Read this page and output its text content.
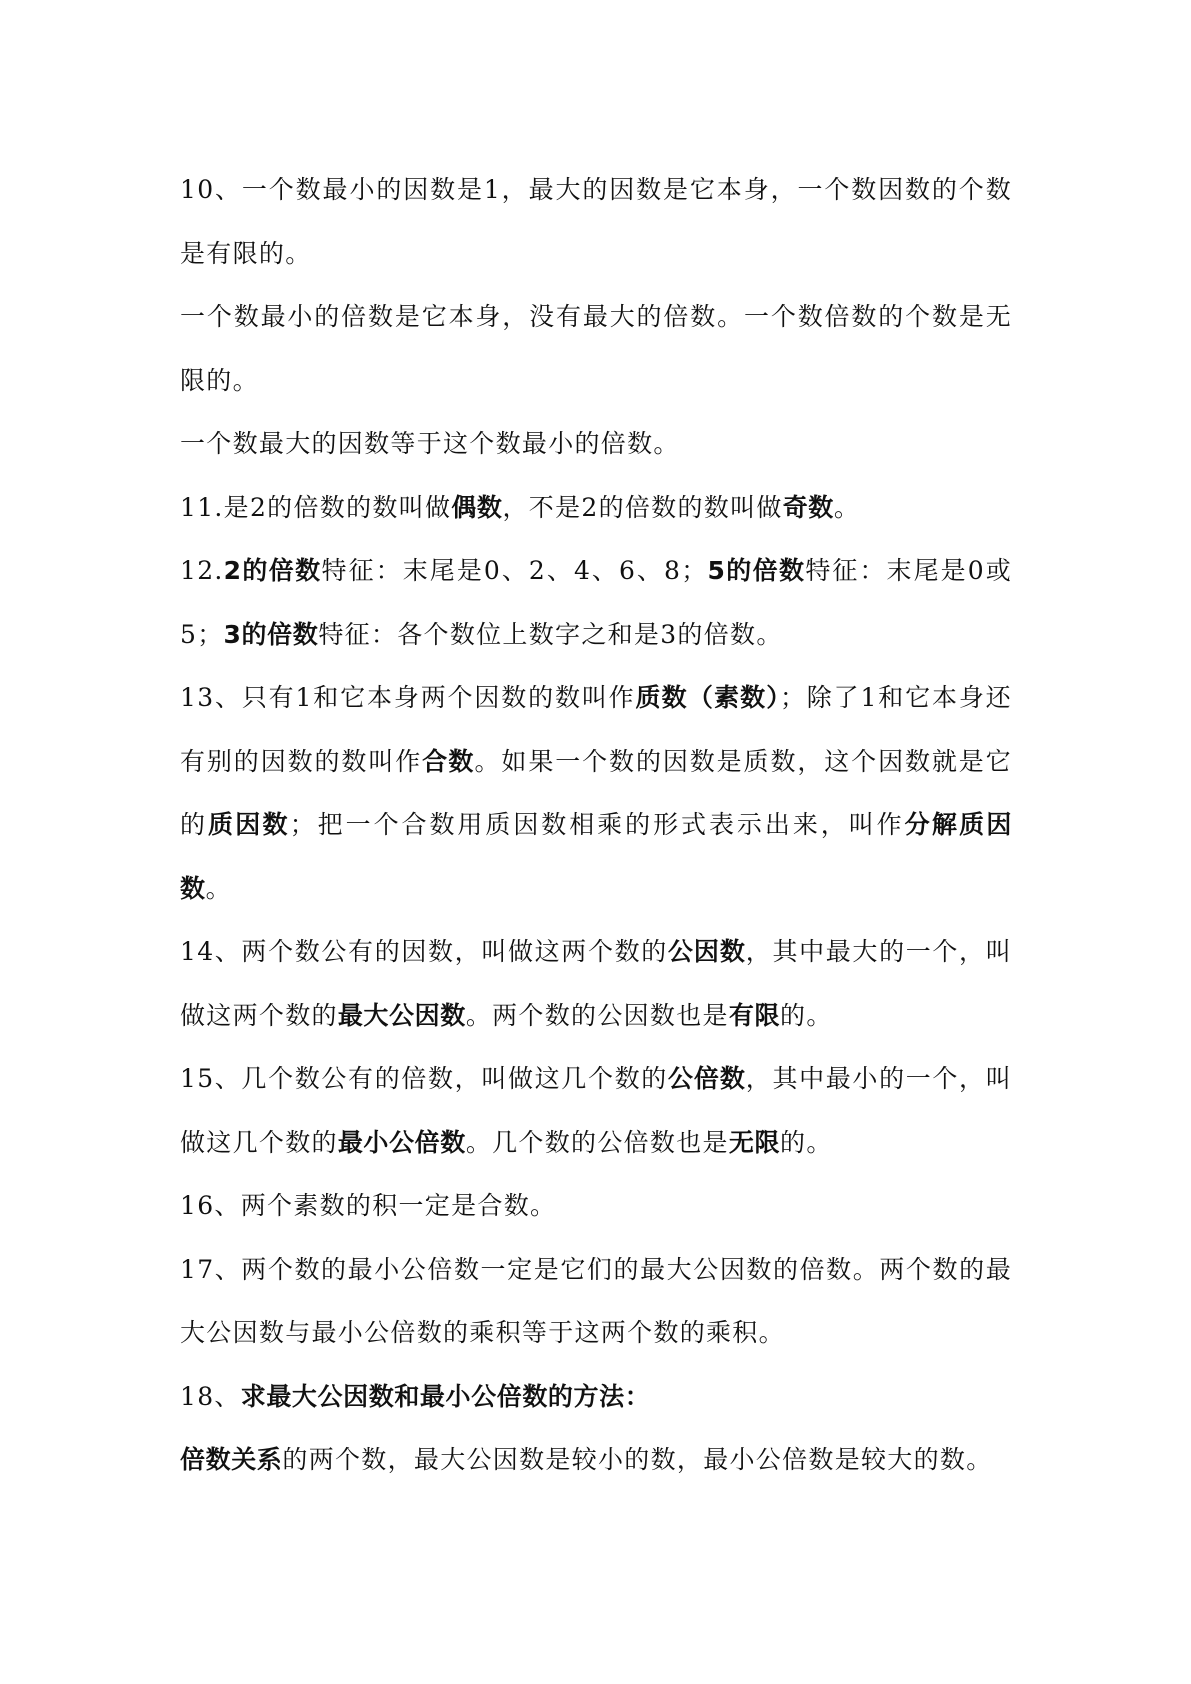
10、一个数最小的因数是1，最大的因数是它本身，一个数因数的个数是有限的。

一个数最小的倍数是它本身，没有最大的倍数。一个数倍数的个数是无限的。

一个数最大的因数等于这个数最小的倍数。

11.是2的倍数的数叫做偶数，不是2的倍数的数叫做奇数。

12.2的倍数特征：末尾是0、2、4、6、8；5的倍数特征：末尾是0或5；3的倍数特征：各个数位上数字之和是3的倍数。

13、只有1和它本身两个因数的数叫作质数（素数）；除了1和它本身还有别的因数的数叫作合数。如果一个数的因数是质数，这个因数就是它的质因数；把一个合数用质因数相乘的形式表示出来，叫作分解质因数。

14、两个数公有的因数，叫做这两个数的公因数，其中最大的一个，叫做这两个数的最大公因数。两个数的公因数也是有限的。

15、几个数公有的倍数，叫做这几个数的公倍数，其中最小的一个，叫做这几个数的最小公倍数。几个数的公倍数也是无限的。

16、两个素数的积一定是合数。

17、两个数的最小公倍数一定是它们的最大公因数的倍数。两个数的最大公因数与最小公倍数的乘积等于这两个数的乘积。

18、求最大公因数和最小公倍数的方法：

倍数关系的两个数，最大公因数是较小的数，最小公倍数是较大的数。
